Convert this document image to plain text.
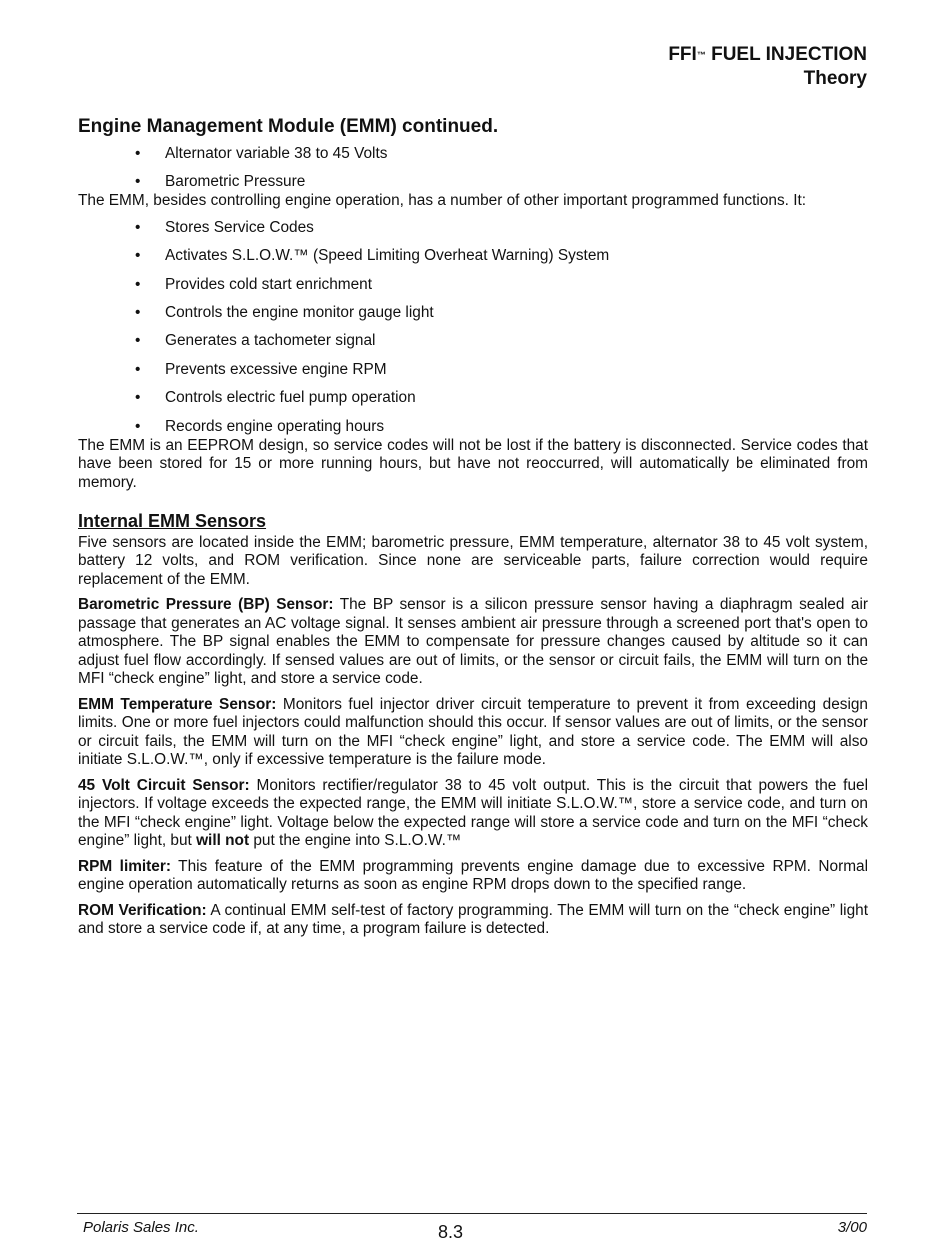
FFI™ FUEL INJECTION
Theory
Engine Management Module (EMM) continued.
• Alternator variable 38 to 45 Volts
• Barometric Pressure

The EMM, besides controlling engine operation, has a number of other important programmed functions. It:

• Stores Service Codes
• Activates S.L.O.W.™ (Speed Limiting Overheat Warning) System
• Provides cold start enrichment
• Controls the engine monitor gauge light
• Generates a tachometer signal
• Prevents excessive engine RPM
• Controls electric fuel pump operation
• Records engine operating hours

The EMM is an EEPROM design, so service codes will not be lost if the battery is disconnected. Service codes that have been stored for 15 or more running hours, but have not reoccurred, will automatically be eliminated from memory.

Internal EMM Sensors

Five sensors are located inside the EMM; barometric pressure, EMM temperature, alternator 38 to 45 volt system, battery 12 volts, and ROM verification. Since none are serviceable parts, failure correction would require replacement of the EMM.

Barometric Pressure (BP) Sensor: The BP sensor is a silicon pressure sensor having a diaphragm sealed air passage that generates an AC voltage signal. It senses ambient air pressure through a screened port that's open to atmosphere. The BP signal enables the EMM to compensate for pressure changes caused by altitude so it can adjust fuel flow accordingly. If sensed values are out of limits, or the sensor or circuit fails, the EMM will turn on the MFI “check engine” light, and store a service code.

EMM Temperature Sensor: Monitors fuel injector driver circuit temperature to prevent it from exceeding design limits. One or more fuel injectors could malfunction should this occur. If sensor values are out of limits, or the sensor or circuit fails, the EMM will turn on the MFI “check engine” light, and store a service code. The EMM will also initiate S.L.O.W.™, only if excessive temperature is the failure mode.

45 Volt Circuit Sensor: Monitors rectifier/regulator 38 to 45 volt output. This is the circuit that powers the fuel injectors. If voltage exceeds the expected range, the EMM will initiate S.L.O.W.™, store a service code, and turn on the MFI “check engine” light. Voltage below the expected range will store a service code and turn on the MFI “check engine” light, but will not put the engine into S.L.O.W.™

RPM limiter: This feature of the EMM programming prevents engine damage due to excessive RPM. Normal engine operation automatically returns as soon as engine RPM drops down to the specified range.

ROM Verification: A continual EMM self-test of factory programming. The EMM will turn on the “check engine” light and store a service code if, at any time, a program failure is detected.

Polaris Sales Inc.	8.3	3/00
